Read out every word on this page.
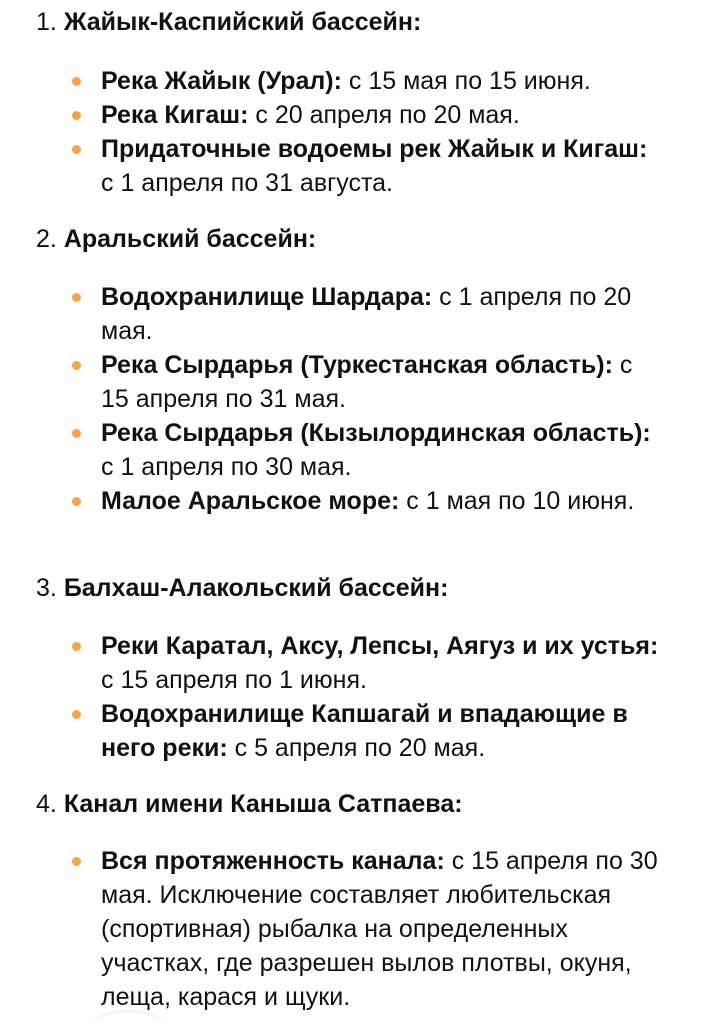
1. Жайык-Каспийский бассейн:

Река Жайык (Урал): с 15 мая по 15 июня.
Река Кигаш: с 20 апреля по 20 мая.
Придаточные водоемы рек Жайык и Кигаш: с 1 апреля по 31 августа.

2. Аральский бассейн:

Водохранилище Шардара: с 1 апреля по 20 мая.
Река Сырдарья (Туркестанская область): с 15 апреля по 31 мая.
Река Сырдарья (Кызылординская область): с 1 апреля по 30 мая.
Малое Аральское море: с 1 мая по 10 июня.

3. Балхаш-Алакольский бассейн:

Реки Каратал, Аксу, Лепсы, Аягуз и их устья: с 15 апреля по 1 июня.
Водохранилище Капшагай и впадающие в него реки: с 5 апреля по 20 мая.

4. Канал имени Каныша Сатпаева:

Вся протяженность канала: с 15 апреля по 30 мая. Исключение составляет любительская (спортивная) рыбалка на определенных участках, где разрешен вылов плотвы, окуня, леща, карася и щуки.
